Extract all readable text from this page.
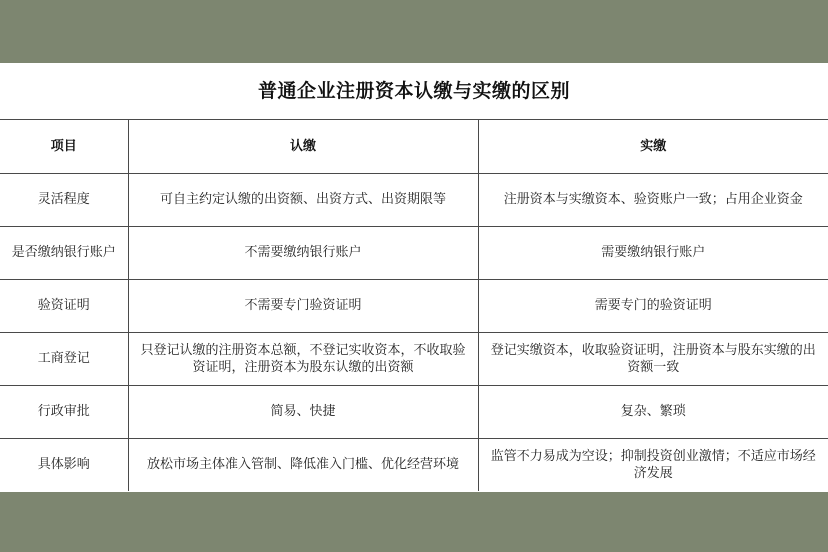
普通企业注册资本认缴与实缴的区别
项目	认缴	实缴
灵活程度	可自主约定认缴的出资额、出资方式、出资期限等	注册资本与实缴资本、验资账户一致；占用企业资金
是否缴纳银行账户	不需要缴纳银行账户	需要缴纳银行账户
验资证明	不需要专门验资证明	需要专门的验资证明
工商登记	只登记认缴的注册资本总额，不登记实收资本，不收取验资证明，注册资本为股东认缴的出资额	登记实缴资本，收取验资证明，注册资本与股东实缴的出资额一致
行政审批	简易、快捷	复杂、繁琐
具体影响	放松市场主体准入管制、降低准入门槛、优化经营环境	监管不力易成为空设；抑制投资创业激情；不适应市场经济发展
